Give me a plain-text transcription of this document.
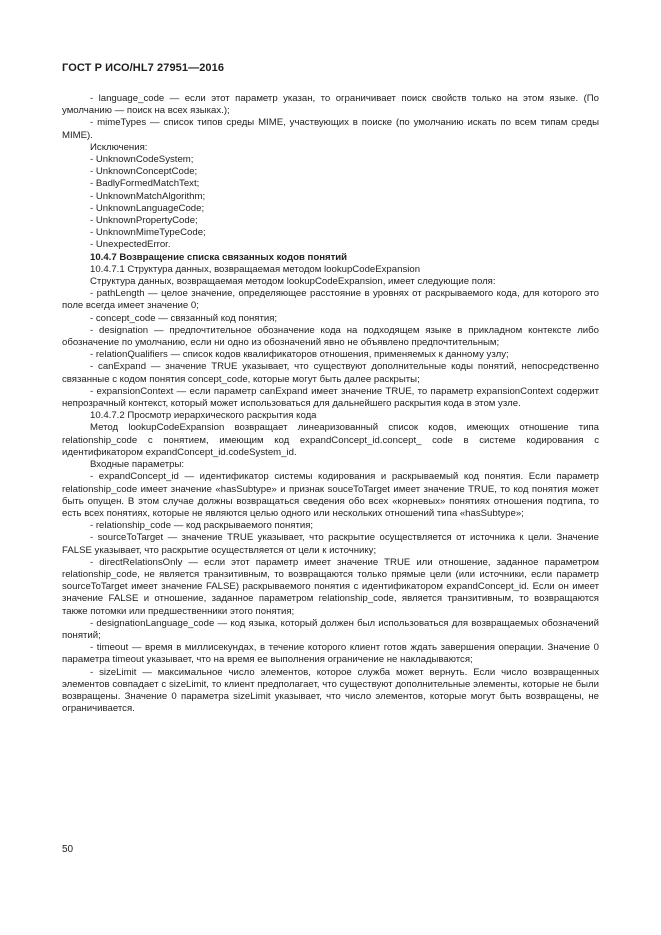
ГОСТ Р ИСО/HL7 27951—2016

- language_code — если этот параметр указан, то ограничивает поиск свойств только на этом языке. (По умолчанию — поиск на всех языках.);

- mimeTypes — список типов среды MIME, участвующих в поиске (по умолчанию искать по всем типам среды MIME).

Исключения:

- UnknownCodeSystem;

- UnknownConceptCode;

- BadlyFormedMatchText;

- UnknownMatchAlgorithm;

- UnknownLanguageCode;

- UnknownPropertyCode;

- UnknownMimeTypeCode;

- UnexpectedError.

10.4.7 Возвращение списка связанных кодов понятий

10.4.7.1 Структура данных, возвращаемая методом lookupCodeExpansion

Структура данных, возвращаемая методом lookupCodeExpansion, имеет следующие поля:

- pathLength — целое значение, определяющее расстояние в уровнях от раскрываемого кода, для которого это поле всегда имеет значение 0;

- concept_code — связанный код понятия;

- designation — предпочтительное обозначение кода на подходящем языке в прикладном контексте либо обозначение по умолчанию, если ни одно из обозначений явно не объявлено предпочтительным;

- relationQualifiers — список кодов квалификаторов отношения, применяемых к данному узлу;

- canExpand — значение TRUE указывает, что существуют дополнительные коды понятий, непосредственно связанные с кодом понятия concept_code, которые могут быть далее раскрыты;

- expansionContext — если параметр canExpand имеет значение TRUE, то параметр expansionContext содержит непрозрачный контекст, который может использоваться для дальнейшего раскрытия кода в этом узле.

10.4.7.2 Просмотр иерархического раскрытия кода

Метод lookupCodeExpansion возвращает линеаризованный список кодов, имеющих отношение типа relationship_code с понятием, имеющим код expandConcept_id.concept_ code в системе кодирования с идентификатором expandConcept_id.codeSystem_id.

Входные параметры:

- expandConcept_id — идентификатор системы кодирования и раскрываемый код понятия. Если параметр relationship_code имеет значение «hasSubtype» и признак souceToTarget имеет значение TRUE, то код понятия может быть опущен. В этом случае должны возвращаться сведения обо всех «корневых» понятиях отношения подтипа, то есть всех понятиях, которые не являются целью одного или нескольких отношений типа «hasSubtype»;

- relationship_code — код раскрываемого понятия;

- sourceToTarget — значение TRUE указывает, что раскрытие осуществляется от источника к цели. Значение FALSE указывает, что раскрытие осуществляется от цели к источнику;

- directRelationsOnly — если этот параметр имеет значение TRUE или отношение, заданное параметром relationship_code, не является транзитивным, то возвращаются только прямые цели (или источники, если параметр sourceToTarget имеет значение FALSE) раскрываемого понятия с идентификатором expandConcept_id. Если он имеет значение FALSE и отношение, заданное параметром relationship_code, является транзитивным, то возвращаются также потомки или предшественники этого понятия;

- designationLanguage_code — код языка, который должен был использоваться для возвращаемых обозначений понятий;

- timeout — время в миллисекундах, в течение которого клиент готов ждать завершения операции. Значение 0 параметра timeout указывает, что на время ее выполнения ограничение не накладываются;

- sizeLimit — максимальное число элементов, которое служба может вернуть. Если число возвращенных элементов совпадает с sizeLimit, то клиент предполагает, что существуют дополнительные элементы, которые не были возвращены. Значение 0 параметра sizeLimit указывает, что число элементов, которые могут быть возвращены, не ограничивается.

50
